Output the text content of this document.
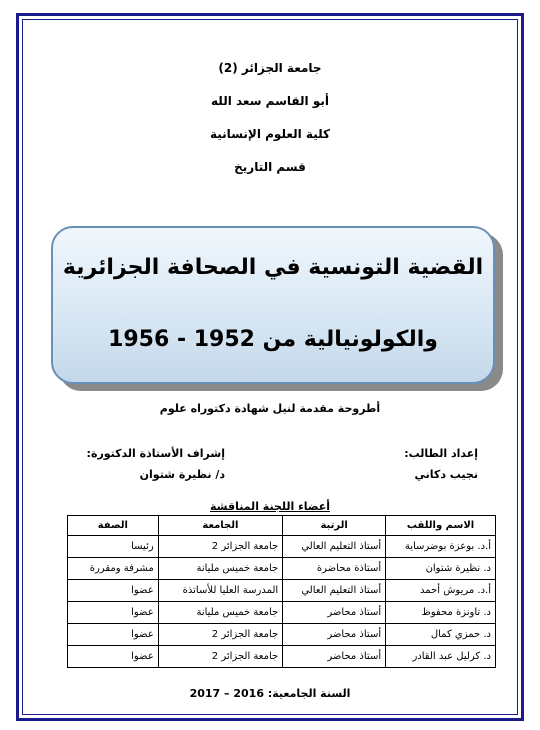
جامعة الجزائر (2)
أبو القاسم سعد الله
كلية العلوم الإنسانية
قسم التاريخ
القضية التونسية في الصحافة الجزائرية
والكولونيالية من 1952 - 1956
أطروحة مقدمة لنيل شهادة دكتوراه علوم
إعداد الطالب:
نجيب دكاني
إشراف الأستاذة الدكتورة:
د/ نظيرة شتوان
أعضاء اللجنة المناقشة
الاسم واللقب	الرتبة	الجامعة	الصفة
أ.د. بوعزة بوضرساية	أستاذ التعليم العالي	جامعة الجزائر 2	رئيسا
د. نظيرة شتوان	أستاذة محاضرة	جامعة خميس مليانة	مشرفة ومقررة
أ.د. مريوش أحمد	أستاذ التعليم العالي	المدرسة العليا للأساتذة	عضوا
د. تاونزة محفوظ	أستاذ محاضر	جامعة خميس مليانة	عضوا
د. حمزي كمال	أستاذ محاضر	جامعة الجزائر 2	عضوا
د. كرليل عبد القادر	أستاذ محاضر	جامعة الجزائر 2	عضوا
السنة الجامعية: 2016 – 2017
